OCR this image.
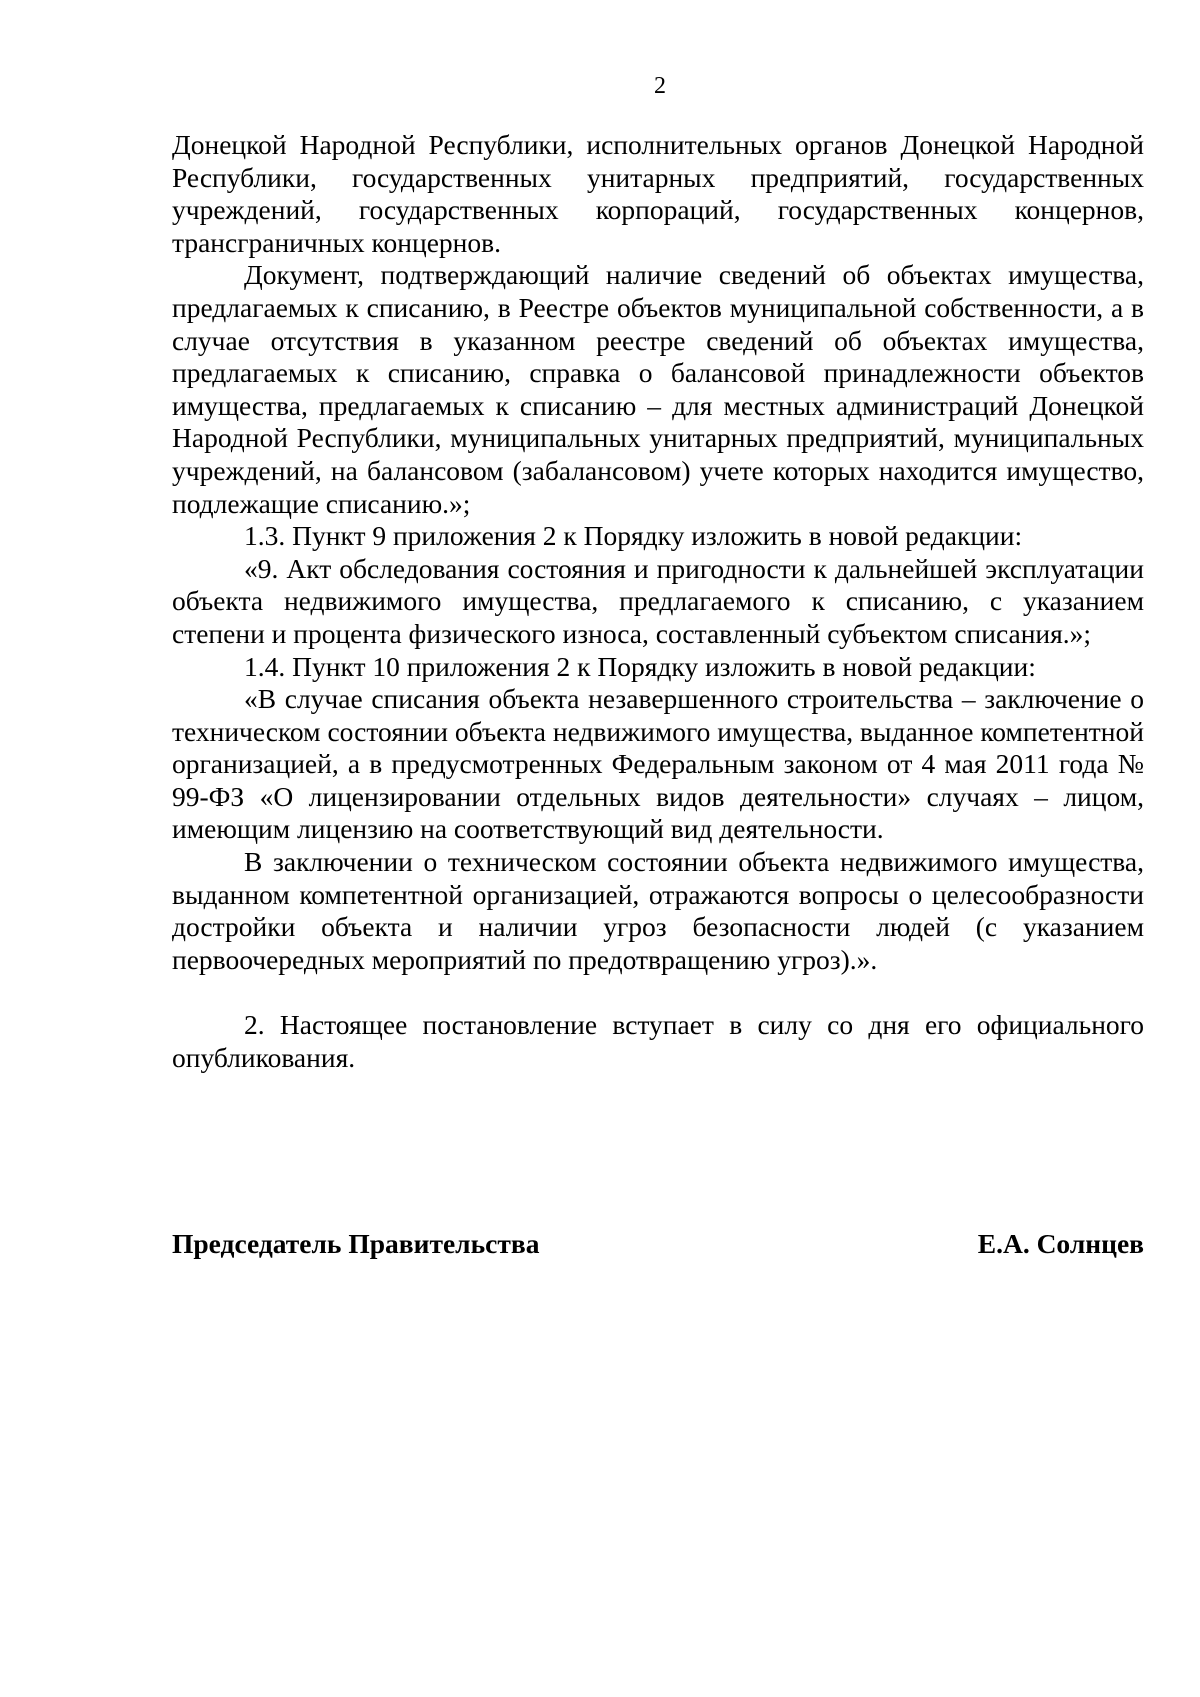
2

Донецкой Народной Республики, исполнительных органов Донецкой Народной Республики, государственных унитарных предприятий, государственных учреждений, государственных корпораций, государственных концернов, трансграничных концернов.

Документ, подтверждающий наличие сведений об объектах имущества, предлагаемых к списанию, в Реестре объектов муниципальной собственности, а в случае отсутствия в указанном реестре сведений об объектах имущества, предлагаемых к списанию, справка о балансовой принадлежности объектов имущества, предлагаемых к списанию – для местных администраций Донецкой Народной Республики, муниципальных унитарных предприятий, муниципальных учреждений, на балансовом (забалансовом) учете которых находится имущество, подлежащие списанию.»;

1.3. Пункт 9 приложения 2 к Порядку изложить в новой редакции:

«9. Акт обследования состояния и пригодности к дальнейшей эксплуатации объекта недвижимого имущества, предлагаемого к списанию, с указанием степени и процента физического износа, составленный субъектом списания.»;

1.4. Пункт 10 приложения 2 к Порядку изложить в новой редакции:

«В случае списания объекта незавершенного строительства – заключение о техническом состоянии объекта недвижимого имущества, выданное компетентной организацией, а в предусмотренных Федеральным законом от 4 мая 2011 года № 99-ФЗ «О лицензировании отдельных видов деятельности» случаях – лицом, имеющим лицензию на соответствующий вид деятельности.

В заключении о техническом состоянии объекта недвижимого имущества, выданном компетентной организацией, отражаются вопросы о целесообразности достройки объекта и наличии угроз безопасности людей (с указанием первоочередных мероприятий по предотвращению угроз).».

2. Настоящее постановление вступает в силу со дня его официального опубликования.

Председатель Правительства	Е.А. Солнцев
